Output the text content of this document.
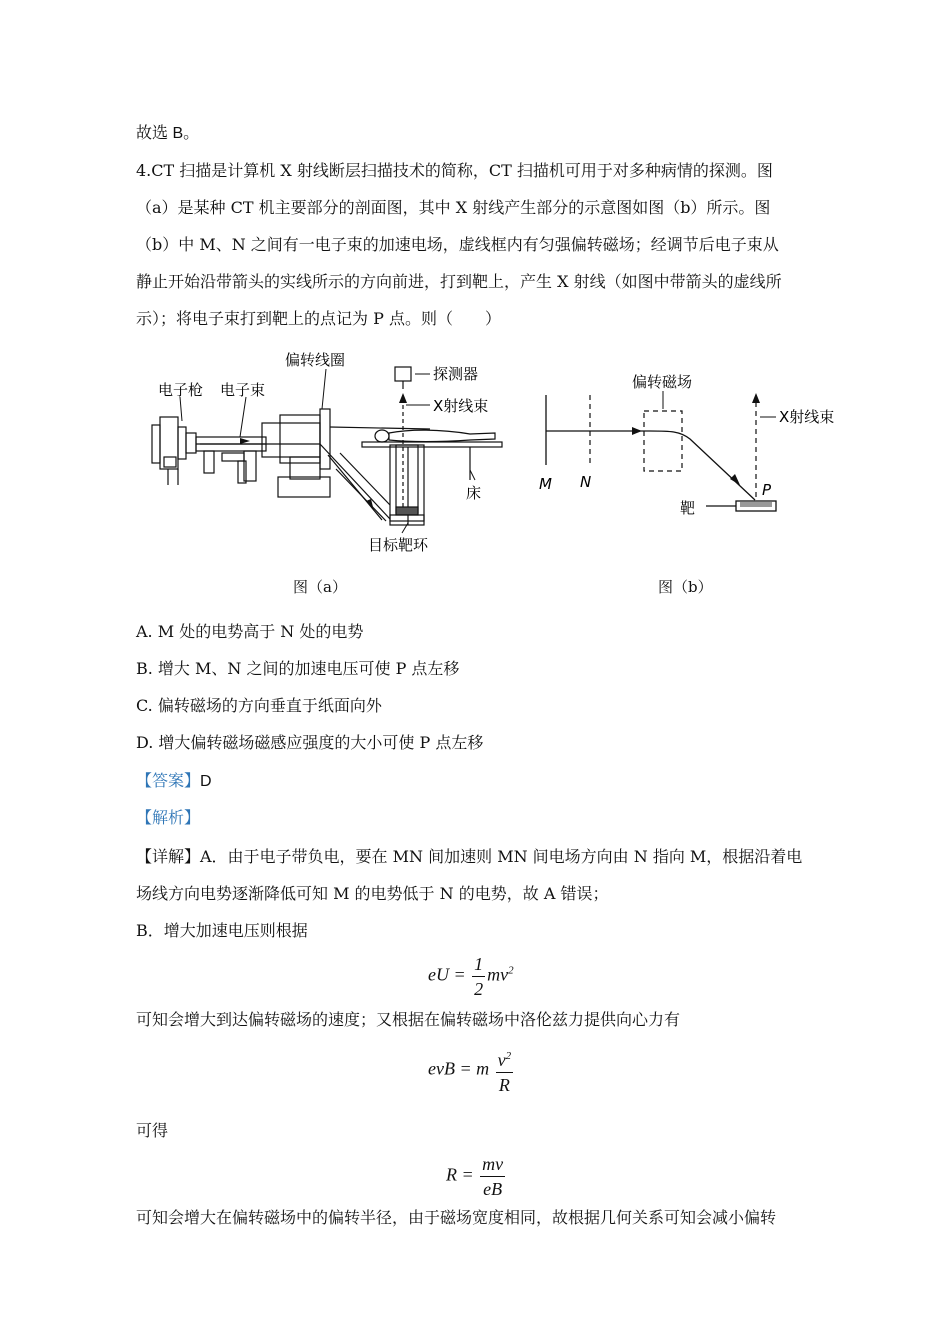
故选 B。
4.CT 扫描是计算机 X 射线断层扫描技术的简称，CT 扫描机可用于对多种病情的探测。图
（a）是某种 CT 机主要部分的剖面图，其中 X 射线产生部分的示意图如图（b）所示。图
（b）中 M、N 之间有一电子束的加速电场，虚线框内有匀强偏转磁场；经调节后电子束从
静止开始沿带箭头的实线所示的方向前进，打到靶上，产生 X 射线（如图中带箭头的虚线所
示）；将电子束打到靶上的点记为 P 点。则（　　）
电子枪 电子束
偏转线圈
探测器
X射线束
床
目标靶环
图（a）
偏转磁场
X射线束
M N	P
靶
图（b）
A. M 处的电势高于 N 处的电势
B. 增大 M、N 之间的加速电压可使 P 点左移
C. 偏转磁场的方向垂直于纸面向外
D. 增大偏转磁场磁感应强度的大小可使 P 点左移
【答案】D
【解析】
【详解】A．由于电子带负电，要在 MN 间加速则 MN 间电场方向由 N 指向 M，根据沿着电
场线方向电势逐渐降低可知 M 的电势低于 N 的电势，故 A 错误；
B．增大加速电压则根据
eU = $\frac{1}{2} mv^2$
可知会增大到达偏转磁场的速度；又根据在偏转磁场中洛伦兹力提供向心力有
evB = m $\frac{v^2}{R}$
可得
$R = \frac{mv}{eB}$
可知会增大在偏转磁场中的偏转半径，由于磁场宽度相同，故根据几何关系可知会减小偏转
